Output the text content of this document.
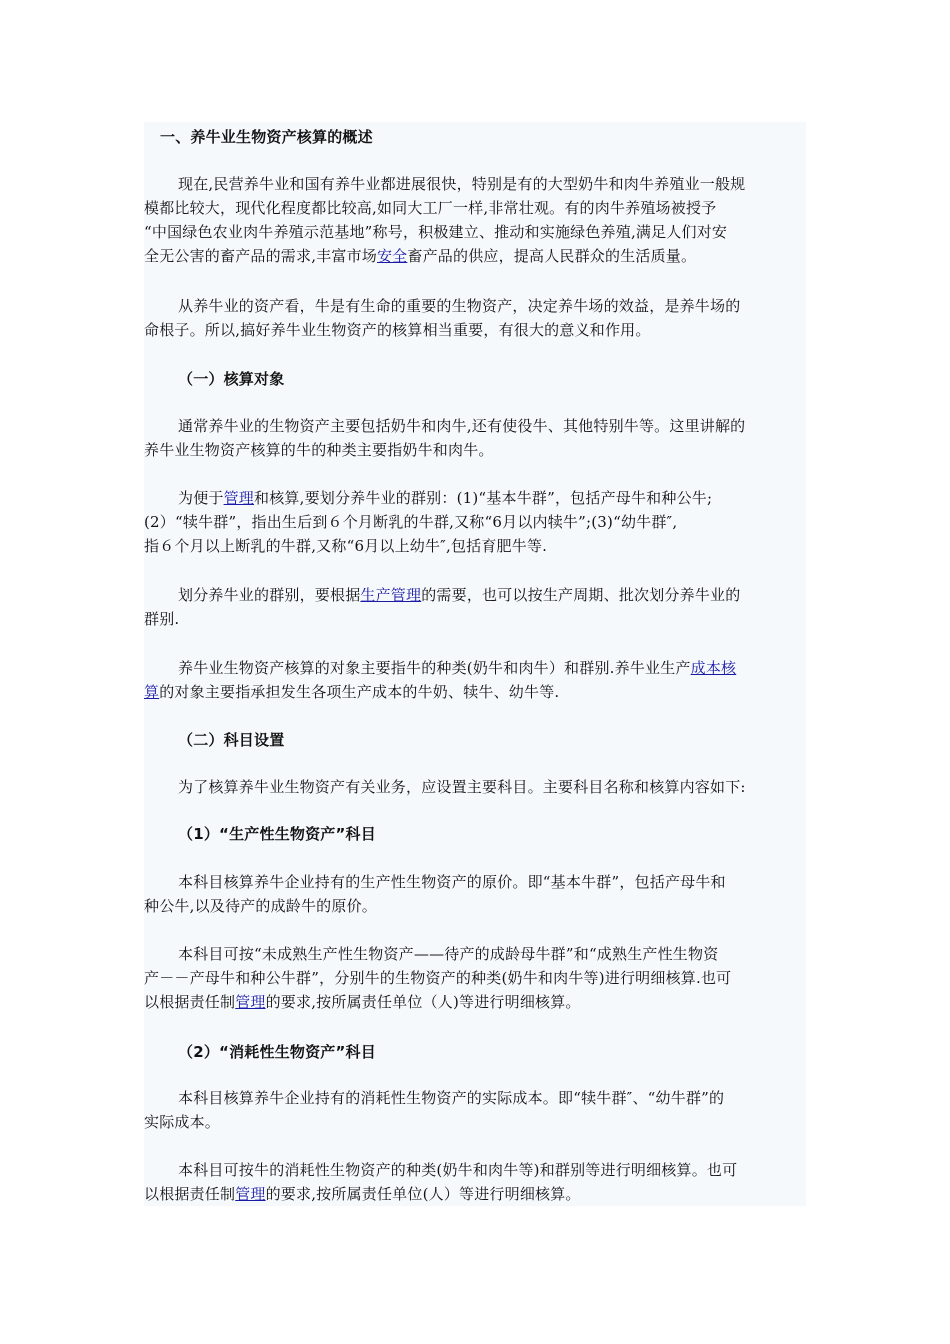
一、养牛业生物资产核算的概述
现在,民营养牛业和国有养牛业都进展很快，特别是有的大型奶牛和肉牛养殖业一般规
模都比较大，现代化程度都比较高,如同大工厂一样,非常壮观。有的肉牛养殖场被授予
“中国绿色农业肉牛养殖示范基地”称号，积极建立、推动和实施绿色养殖,满足人们对安
全无公害的畜产品的需求,丰富市场安全畜产品的供应，提高人民群众的生活质量。
从养牛业的资产看，牛是有生命的重要的生物资产，决定养牛场的效益，是养牛场的
命根子。所以,搞好养牛业生物资产的核算相当重要，有很大的意义和作用。
（一）核算对象
通常养牛业的生物资产主要包括奶牛和肉牛,还有使役牛、其他特别牛等。这里讲解的
养牛业生物资产核算的牛的种类主要指奶牛和肉牛。
为便于管理和核算,要划分养牛业的群别：(1)“基本牛群”，包括产母牛和种公牛;
(2）“犊牛群”，指出生后到６个月断乳的牛群,又称“6月以内犊牛”;(3)“幼牛群″,
指６个月以上断乳的牛群,又称“6月以上幼牛″,包括育肥牛等.
划分养牛业的群别，要根据生产管理的需要，也可以按生产周期、批次划分养牛业的
群别.
养牛业生物资产核算的对象主要指牛的种类(奶牛和肉牛）和群别.养牛业生产成本核
算的对象主要指承担发生各项生产成本的牛奶、犊牛、幼牛等.
（二）科目设置
为了核算养牛业生物资产有关业务，应设置主要科目。主要科目名称和核算内容如下:
（1）“生产性生物资产”科目
本科目核算养牛企业持有的生产性生物资产的原价。即“基本牛群”，包括产母牛和
种公牛,以及待产的成龄牛的原价。
本科目可按“未成熟生产性生物资产——待产的成龄母牛群”和“成熟生产性生物资
产－－产母牛和种公牛群”，分别牛的生物资产的种类(奶牛和肉牛等)进行明细核算.也可
以根据责任制管理的要求,按所属责任单位（人)等进行明细核算。
（2）“消耗性生物资产”科目
本科目核算养牛企业持有的消耗性生物资产的实际成本。即“犊牛群″、“幼牛群”的
实际成本。
本科目可按牛的消耗性生物资产的种类(奶牛和肉牛等)和群别等进行明细核算。也可
以根据责任制管理的要求,按所属责任单位(人）等进行明细核算。
